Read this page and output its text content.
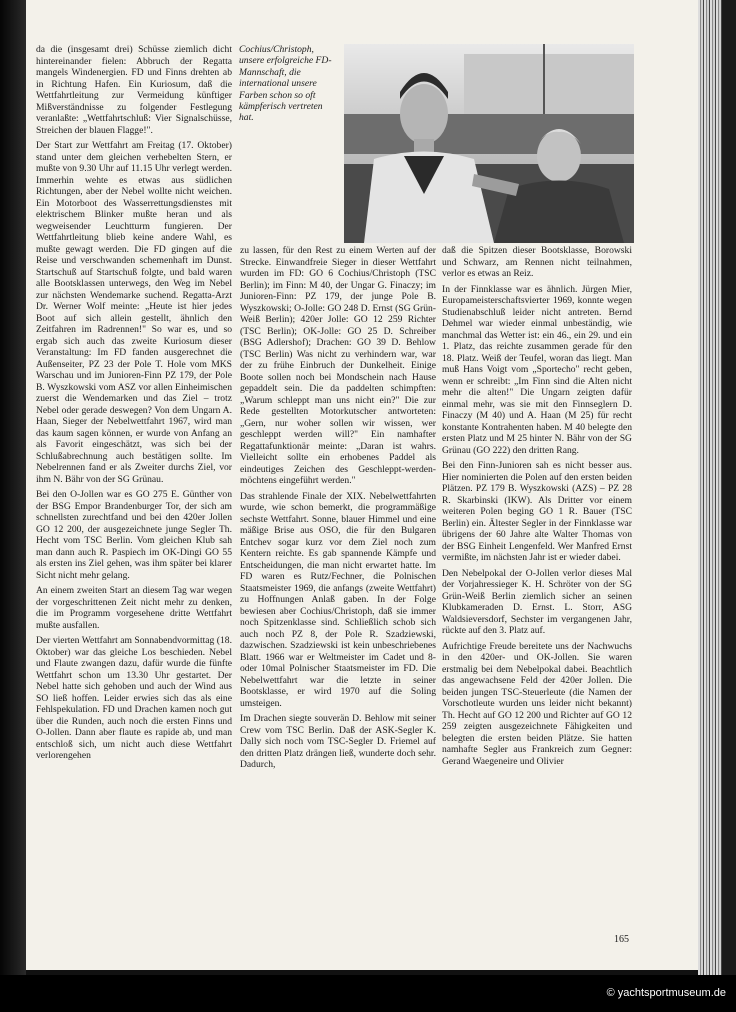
Cochius/Christoph, unsere erfolgreiche FD-Mannschaft, die international unsere Farben schon so oft kämpferisch vertreten hat.

da die (insgesamt drei) Schüsse ziemlich dicht hintereinander fielen: Abbruch der Regatta mangels Windenergien. FD und Finns drehten ab in Richtung Hafen. Ein Kuriosum, daß die Wettfahrtleitung zur Vermeidung künftiger Mißverständnisse zu folgender Festlegung veranlaßte: „Wettfahrtschluß: Vier Signalschüsse, Streichen der blauen Flagge!".

Der Start zur Wettfahrt am Freitag (17. Oktober) stand unter dem gleichen verhebelten Stern, er mußte von 9.30 Uhr auf 11.15 Uhr verlegt werden. Immerhin wehte es etwas aus südlichen Richtungen, aber der Nebel wollte nicht weichen. Ein Motorboot des Wasserrettungsdienstes mit elektrischem Blinker mußte heran und als wegweisender Leuchtturm fungieren. Der Wettfahrtleitung blieb keine andere Wahl, es mußte gewagt werden. Die FD gingen auf die Reise und verschwanden schemenhaft im Dunst. Startschuß auf Startschuß folgte, und bald waren alle Bootsklassen unterwegs, den Weg im Nebel zur nächsten Wendemarke suchend. Regatta-Arzt Dr. Werner Wolf meinte: „Heute ist hier jedes Boot auf sich allein gestellt, ähnlich den Zeitfahren im Radrennen!" So war es, und so ergab sich auch das zweite Kuriosum dieser Veranstaltung: Im FD fanden ausgerechnet die Außenseiter, PZ 23 der Pole T. Hole vom MKS Warschau und im Junioren-Finn PZ 179, der Pole B. Wyszkowski vom ASZ vor allen Einheimischen zuerst die Wendemarken und das Ziel – trotz Nebel oder gerade deswegen? Von dem Ungarn A. Haan, Sieger der Nebelwettfahrt 1967, wird man das kaum sagen können, er wurde von Anfang an als Favorit eingeschätzt, was sich bei der Schlußabrechnung auch bestätigen sollte. Im Nebelrennen fand er als Zweiter durchs Ziel, vor ihm N. Bähr von der SG Grünau.

Bei den O-Jollen war es GO 275 E. Günther von der BSG Empor Brandenburger Tor, der sich am schnellsten zurechtfand und bei den 420er Jollen GO 12 200, der ausgezeichnete junge Segler Th. Hecht vom TSC Berlin. Vom gleichen Klub sah man dann auch R. Paspiech im OK-Dingi GO 55 als ersten ins Ziel gehen, was ihm später bei klarer Sicht nicht mehr gelang.

An einem zweiten Start an diesem Tag war wegen der vorgeschrittenen Zeit nicht mehr zu denken, die im Programm vorgesehene dritte Wettfahrt mußte ausfallen.

Der vierten Wettfahrt am Sonnabendvormittag (18. Oktober) war das gleiche Los beschieden. Nebel und Flaute zwangen dazu, dafür wurde die fünfte Wettfahrt schon um 13.30 Uhr gestartet. Der Nebel hatte sich gehoben und auch der Wind aus SO ließ hoffen. Leider erwies sich das als eine Fehlspekulation. FD und Drachen kamen noch gut über die Runden, auch noch die ersten Finns und O-Jollen. Dann aber flaute es rapide ab, und man entschloß sich, um nicht auch diese Wettfahrt verlorengehen

zu lassen, für den Rest zu einem Werten auf der Strecke. Einwandfreie Sieger in dieser Wettfahrt wurden im FD: GO 6 Cochius/Christoph (TSC Berlin); im Finn: M 40, der Ungar G. Finaczy; im Junioren-Finn: PZ 179, der junge Pole B. Wyszkowski; O-Jolle: GO 248 D. Ernst (SG Grün-Weiß Berlin); 420er Jolle: GO 12 259 Richter (TSC Berlin); OK-Jolle: GO 25 D. Schreiber (BSG Adlershof); Drachen: GO 39 D. Behlow (TSC Berlin) Was nicht zu verhindern war, war der zu frühe Einbruch der Dunkelheit. Einige Boote sollen noch bei Mondschein nach Hause gepaddelt sein. Die da paddelten schimpften: „Warum schleppt man uns nicht ein?" Die zur Rede gestellten Motorkutscher antworteten: „Gern, nur woher sollen wir wissen, wer geschleppt werden will?" Ein namhafter Regattafunktionär meinte: „Daran ist wahrs. Vielleicht sollte ein erhobenes Paddel als eindeutiges Zeichen des Geschleppt-werden-möchtens eingeführt werden."

Das strahlende Finale der XIX. Nebelwettfahrten wurde, wie schon bemerkt, die programmäßige sechste Wettfahrt. Sonne, blauer Himmel und eine mäßige Brise aus OSO, die für den Bulgaren Entchev sogar kurz vor dem Ziel noch zum Kentern reichte. Es gab spannende Kämpfe und Entscheidungen, die man nicht erwartet hatte. Im FD waren es Rutz/Fechner, die Polnischen Staatsmeister 1969, die anfangs (zweite Wettfahrt) zu Hoffnungen Anlaß gaben. In der Folge bewiesen aber Cochius/Christoph, daß sie immer noch Spitzenklasse sind. Schließlich schob sich auch noch PZ 8, der Pole R. Szadziewski, dazwischen. Szadziewski ist kein unbeschriebenes Blatt. 1966 war er Weltmeister im Cadet und 8- oder 10mal Polnischer Staatsmeister im FD. Die Nebelwettfahrt war die letzte in seiner Bootsklasse, er wird 1970 auf die Soling umsteigen.

Im Drachen siegte souverän D. Behlow mit seiner Crew vom TSC Berlin. Daß der ASK-Segler K. Dally sich noch vom TSC-Segler D. Friemel auf den dritten Platz drängen ließ, wunderte doch sehr. Dadurch,

daß die Spitzen dieser Bootsklasse, Borowski und Schwarz, am Rennen nicht teilnahmen, verlor es etwas an Reiz.

In der Finnklasse war es ähnlich. Jürgen Mier, Europameisterschaftsvierter 1969, konnte wegen Studienabschluß leider nicht antreten. Bernd Dehmel war wieder einmal unbeständig, wie manchmal das Wetter ist: ein 46., ein 29. und ein 1. Platz, das reichte zusammen gerade für den 18. Platz. Weiß der Teufel, woran das liegt. Man muß Hans Voigt vom „Sportecho" recht geben, wenn er schreibt: „Im Finn sind die Alten nicht mehr die alten!" Die Ungarn zeigten dafür einmal mehr, was sie mit den Finnseglern D. Finaczy (M 40) und A. Haan (M 25) für recht konstante Kontrahenten haben. M 40 belegte den ersten Platz und M 25 hinter N. Bähr von der SG Grünau (GO 222) den dritten Rang.

Bei den Finn-Junioren sah es nicht besser aus. Hier nominierten die Polen auf den ersten beiden Plätzen. PZ 179 B. Wyszkowski (AZS) – PZ 28 R. Skarbinski (IKW). Als Dritter vor einem weiteren Polen beging GO 1 R. Bauer (TSC Berlin) ein. Ältester Segler in der Finnklasse war übrigens der 60 Jahre alte Walter Thomas von der BSG Einheit Lengenfeld. Wer Manfred Ernst vermißte, im nächsten Jahr ist er wieder dabei.

Den Nebelpokal der O-Jollen verlor dieses Mal der Vorjahressieger K. H. Schröter von der SG Grün-Weiß Berlin ziemlich sicher an seinen Klubkameraden D. Ernst. L. Storr, ASG Waldsieversdorf, Sechster im vergangenen Jahr, rückte auf den 3. Platz auf.

Aufrichtige Freude bereitete uns der Nachwuchs in den 420er- und OK-Jollen. Sie waren erstmalig bei dem Nebelpokal dabei. Beachtlich das angewachsene Feld der 420er Jollen. Die beiden jungen TSC-Steuerleute (die Namen der Vorschotleute wurden uns leider nicht bekannt) Th. Hecht auf GO 12 200 und Richter auf GO 12 259 zeigten ausgezeichnete Fähigkeiten und belegten die ersten beiden Plätze. Sie hatten namhafte Segler aus Frankreich zum Gegner: Gerand Waegeneire und Olivier

165
© yachtsportmuseum.de
